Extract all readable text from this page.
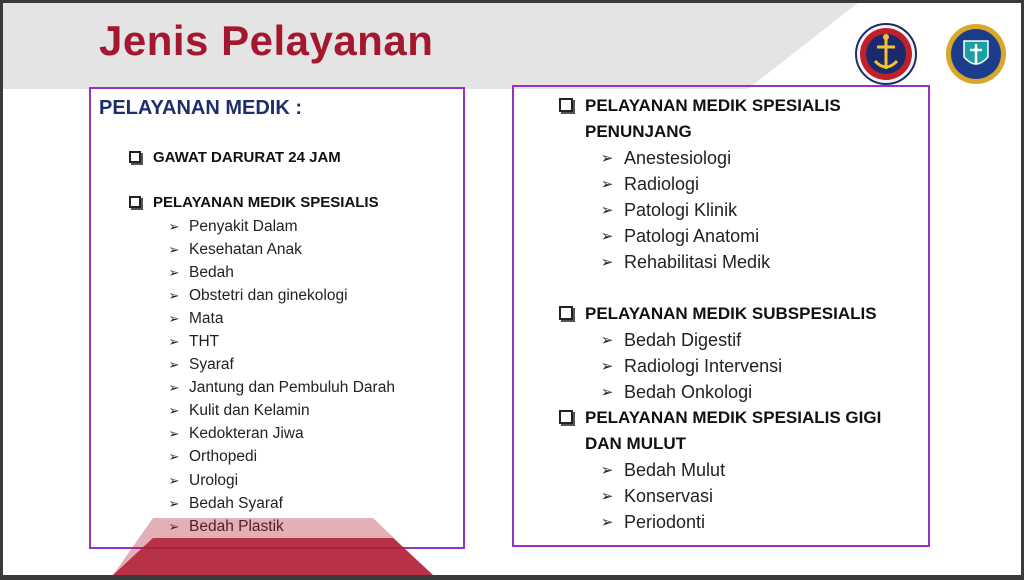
Jenis Pelayanan

PELAYANAN MEDIK :

GAWAT DARURAT 24 JAM
PELAYANAN MEDIK SPESIALIS
➢ Penyakit Dalam
➢ Kesehatan Anak
➢ Bedah
➢ Obstetri dan ginekologi
➢ Mata
➢ THT
➢ Syaraf
➢ Jantung dan Pembuluh Darah
➢ Kulit dan Kelamin
➢ Kedokteran Jiwa
➢ Orthopedi
➢ Urologi
➢ Bedah Syaraf
➢ Bedah Plastik
PELAYANAN MEDIK SPESIALIS
PENUNJANG
➢ Anestesiologi
➢ Radiologi
➢ Patologi Klinik
➢ Patologi Anatomi
➢ Rehabilitasi Medik
PELAYANAN MEDIK SUBSPESIALIS
➢ Bedah Digestif
➢ Radiologi Intervensi
➢ Bedah Onkologi
PELAYANAN MEDIK SPESIALIS GIGI
DAN MULUT
➢ Bedah Mulut
➢ Konservasi
➢ Periodonti
